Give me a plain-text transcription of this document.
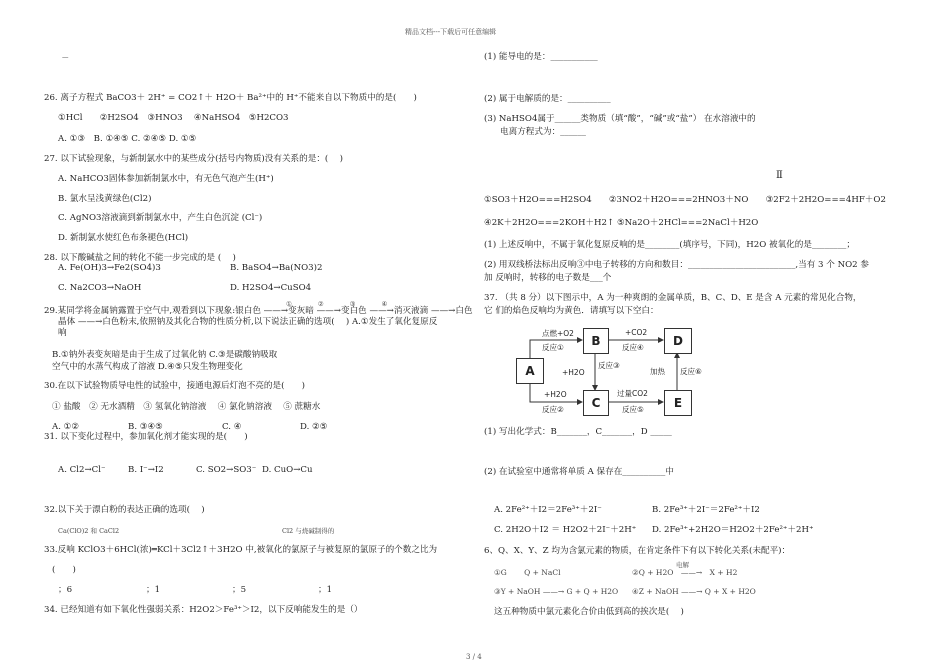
精品文档---下载后可任意编辑
—
26. 离子方程式 BaCO3＋ 2H⁺ = CO2↑＋ H2O＋ Ba²⁺中的 H⁺不能来自以下物质中的是(　　)
①HCl　　②H2SO4　③HNO3　 ④NaHSO4　⑤H2CO3
A. ①③　B. ①④⑤ C. ②④⑤ D. ①⑤
27. 以下试验现象，与新制氯水中的某些成分(括号内物质)没有关系的是：(　 )
A. NaHCO3固体参加新制氯水中，有无色气泡产生(H⁺)
B. 氯水呈浅黄绿色(Cl2)
C. AgNO3溶液滴到新制氯水中，产生白色沉淀 (Cl⁻)
D. 新制氯水使红色布条褪色(HCl)
28. 以下酸碱盐之间的转化不能一步完成的是 (　 )
A. Fe(OH)3→Fe2(SO4)3	B. BaSO4→Ba(NO3)2
C. Na2CO3→NaOH	D. H2SO4→CuSO4
①　　　　②　　　　③　　　　④
29.某同学将金属钠露置于空气中,观看到以下现象:银白色 ——→变灰暗 ——→变白色 ——→消灭液滴 ——→白色
晶体 ——→白色粉末,依照钠及其化合物的性质分析,以下说法正确的选项(　 ) A.①发生了氧化复原反
响
B.①钠外表变灰暗是由于生成了过氧化钠 C.③是碳酸钠吸取
空气中的水蒸气构成了溶液 D.④⑤只发生物理变化
30.在以下试验物质导电性的试验中，接通电源后灯泡不亮的是(　　)
① 盐酸　② 无水酒精　③ 氢氧化钠溶液　 ④ 氯化钠溶液　 ⑤ 蔗糖水
A. ①②	B. ③④⑤	C. ④	D. ②⑤
31. 以下变化过程中，参加氧化剂才能实现的是(　　)
A. Cl2→Cl⁻	B. I⁻→I2	C. SO2→SO3⁻ D. CuO→Cu
32.以下关于漂白粉的表达正确的选项(　 )
Ca(ClO)2 和 CaCl2	Cl2 与烧碱制得的
33.反响 KClO3＋6HCl(浓)═KCl＋3Cl2↑＋3H2O 中,被氧化的氯原子与被复原的氯原子的个数之比为
(　　)
；6	；1	；5	；1
34. 已经知道有如下氧化性强弱关系：H2O2＞Fe³⁺＞I2，以下反响能发生的是（）
(1) 能导电的是：___________
(2) 属于电解质的是：__________
(3) NaHSO4属于______类物质（填“酸”，“碱”或“盐”） 在水溶液中的
电离方程式为：______
Ⅱ
①SO3＋H2O===H2SO4　　②3NO2＋H2O===2HNO3＋NO　　③2F2＋2H2O===4HF＋O2
④2K＋2H2O===2KOH＋H2↑ ⑤Na2O＋2HCl===2NaCl＋H2O
(1) 上述反响中，不属于氧化复原反响的是________(填序号，下同)，H2O 被氧化的是________；
(2) 用双线桥法标出反响③中电子转移的方向和数目：_________________________,当有 3 个 NO2 参
加 反响时，转移的电子数是___个
37. （共 8 分）以下图示中，A 为一种爽朗的金属单质，B、C、D、E 是含 A 元素的常见化合物，
它 们的焰色反响均为黄色．请填写以下空白：
A
B
C
D
E
点燃+O2
反应①
+CO2
反应④
反应③
+H2O
+H2O
反应②
过量CO2
反应⑤
加热 反应⑥
(1) 写出化学式：B_______，C_______，D _____
(2) 在试验室中通常将单质 A 保存在__________中
A. 2Fe²⁺＋I2＝2Fe³⁺＋2I⁻	B. 2Fe³⁺＋2I⁻＝2Fe²⁺＋I2
C. 2H2O＋I2 ＝ H2O2＋2I⁻＋2H⁺ D. 2Fe³⁺+2H2O＝H2O2＋2Fe²⁺＋2H⁺
6、Q、X、Y、Z 均为含氯元素的物质，在肯定条件下有以下转化关系(未配平)：
电解
①G　　 Q + NaCl	②Q + H2O　——→　X + H2
③Y + NaOH ——→ G + Q + H2O ④Z + NaOH ——→ Q + X + H2O
这五种物质中氯元素化合价由低到高的挨次是(　 )
3 / 4
